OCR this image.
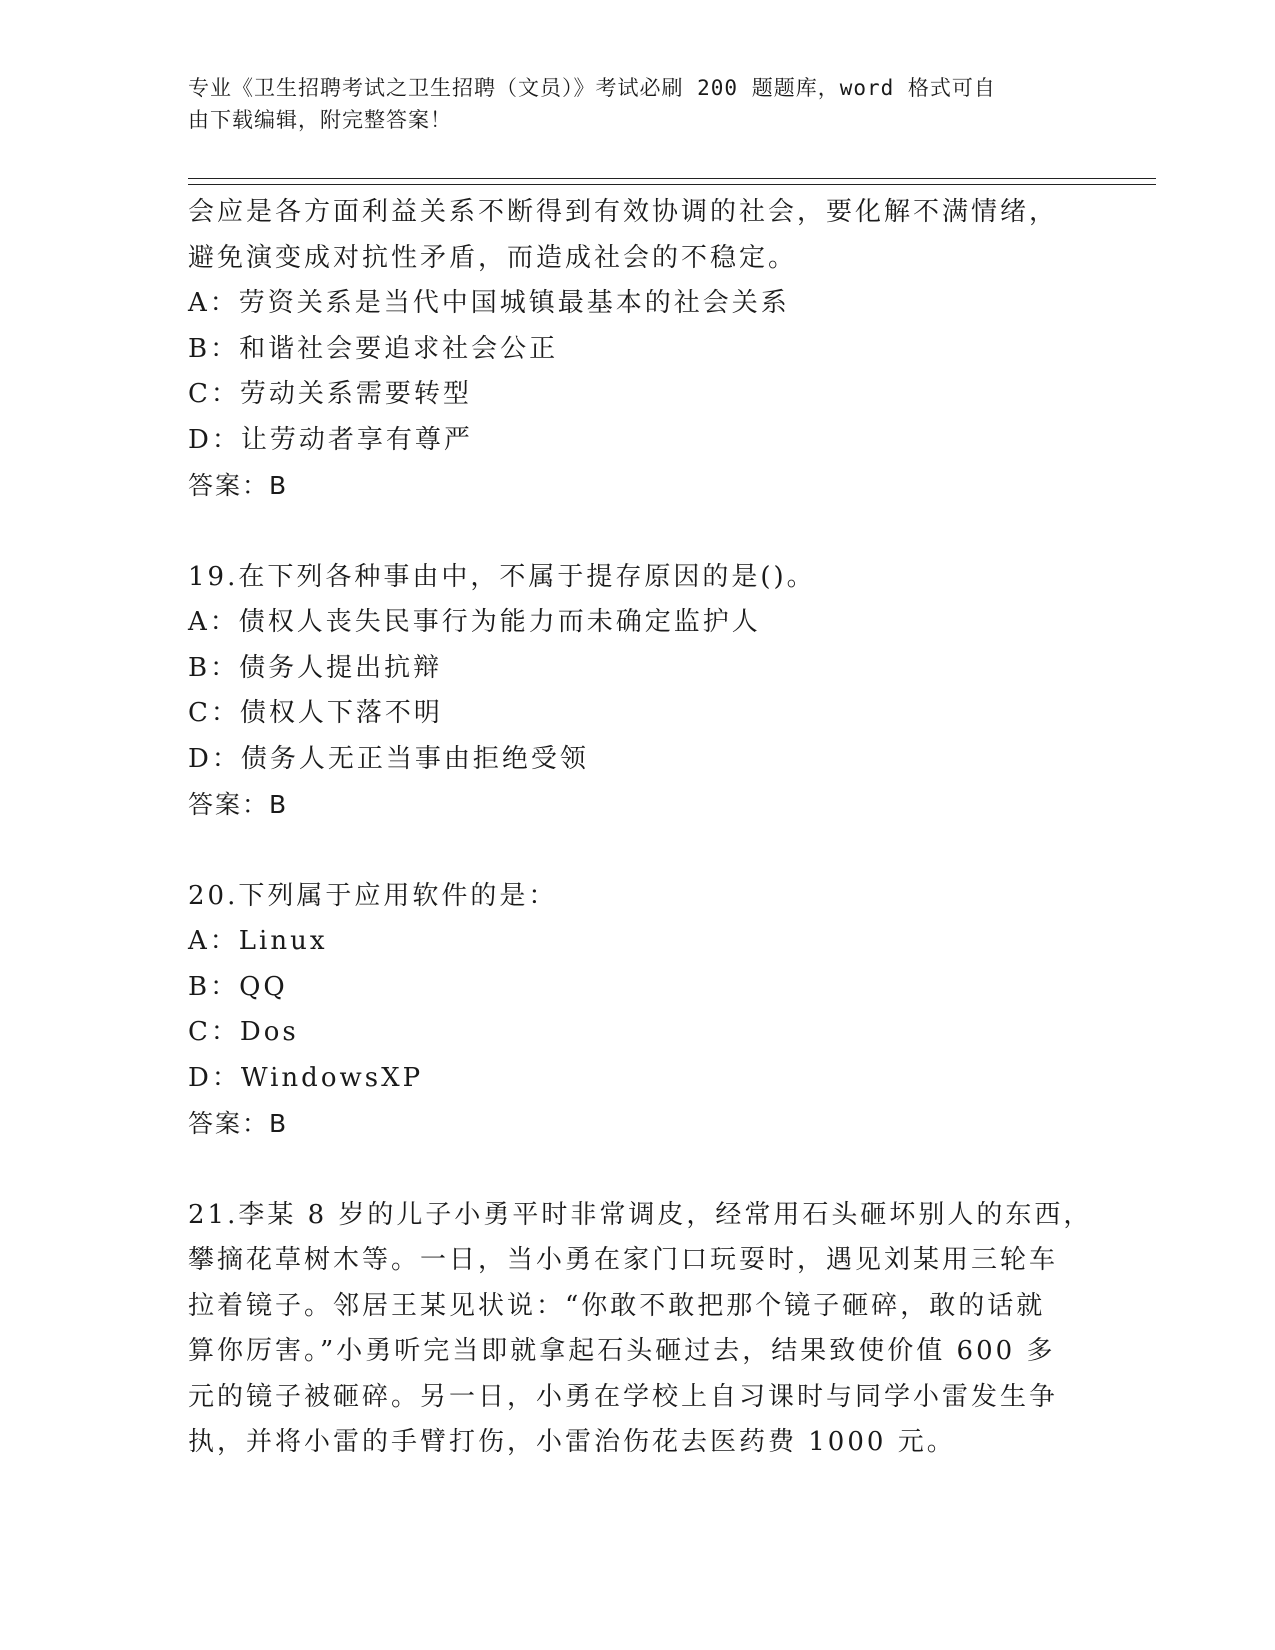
专业《卫生招聘考试之卫生招聘（文员）》考试必刷 200 题题库，word 格式可自
由下载编辑，附完整答案！
会应是各方面利益关系不断得到有效协调的社会，要化解不满情绪，
避免演变成对抗性矛盾，而造成社会的不稳定。
A：劳资关系是当代中国城镇最基本的社会关系
B：和谐社会要追求社会公正
C：劳动关系需要转型
D：让劳动者享有尊严
答案：B
19.在下列各种事由中，不属于提存原因的是()。
A：债权人丧失民事行为能力而未确定监护人
B：债务人提出抗辩
C：债权人下落不明
D：债务人无正当事由拒绝受领
答案：B
20.下列属于应用软件的是：
A：Linux
B：QQ
C：Dos
D：WindowsXP
答案：B
21.李某 8 岁的儿子小勇平时非常调皮，经常用石头砸坏别人的东西，
攀摘花草树木等。一日，当小勇在家门口玩耍时，遇见刘某用三轮车
拉着镜子。邻居王某见状说：“你敢不敢把那个镜子砸碎，敢的话就
算你厉害。”小勇听完当即就拿起石头砸过去，结果致使价值 600 多
元的镜子被砸碎。另一日，小勇在学校上自习课时与同学小雷发生争
执，并将小雷的手臂打伤，小雷治伤花去医药费 1000 元。
